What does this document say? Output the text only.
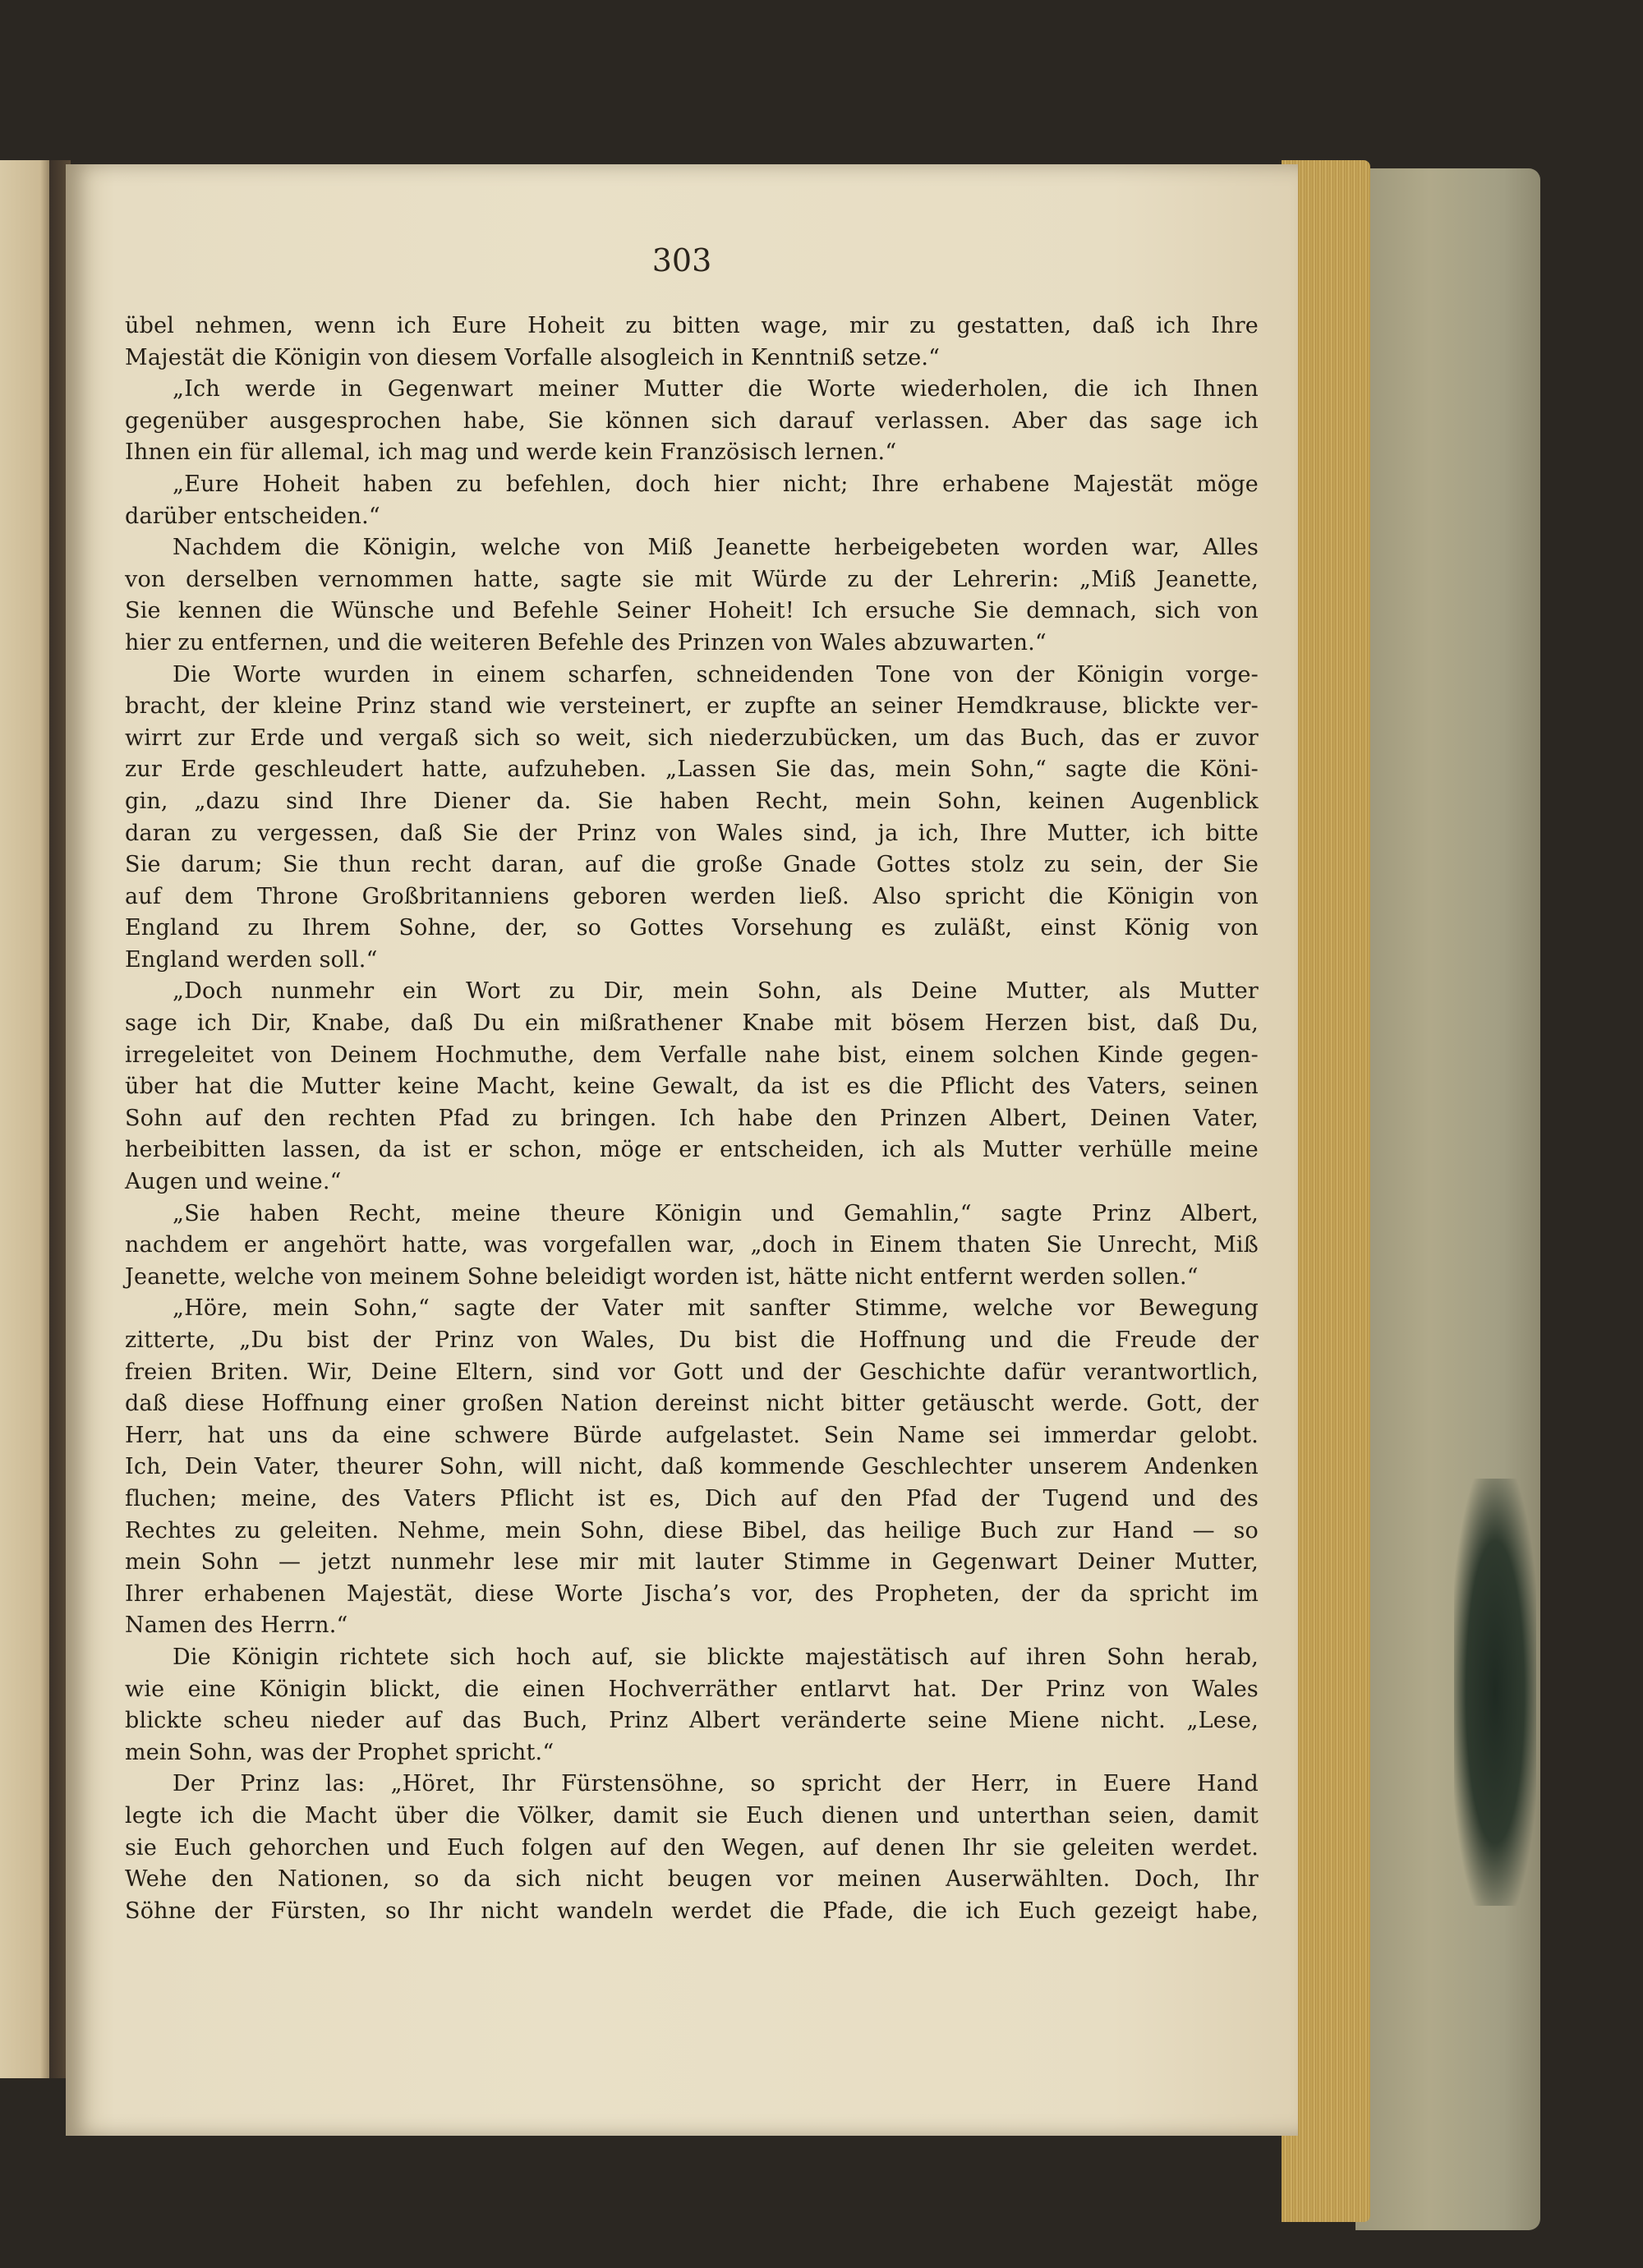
303
übel nehmen, wenn ich Eure Hoheit zu bitten wage, mir zu gestatten, daß ich Ihre
Majestät die Königin von diesem Vorfalle alsogleich in Kenntniß setze.“
„Ich werde in Gegenwart meiner Mutter die Worte wiederholen, die ich Ihnen
gegenüber ausgesprochen habe, Sie können sich darauf verlassen. Aber das sage ich
Ihnen ein für allemal, ich mag und werde kein Französisch lernen.“
„Eure Hoheit haben zu befehlen, doch hier nicht; Ihre erhabene Majestät möge
darüber entscheiden.“
Nachdem die Königin, welche von Miß Jeanette herbeigebeten worden war, Alles
von derselben vernommen hatte, sagte sie mit Würde zu der Lehrerin: „Miß Jeanette,
Sie kennen die Wünsche und Befehle Seiner Hoheit! Ich ersuche Sie demnach, sich von
hier zu entfernen, und die weiteren Befehle des Prinzen von Wales abzuwarten.“
Die Worte wurden in einem scharfen, schneidenden Tone von der Königin vorge-
bracht, der kleine Prinz stand wie versteinert, er zupfte an seiner Hemdkrause, blickte ver-
wirrt zur Erde und vergaß sich so weit, sich niederzubücken, um das Buch, das er zuvor
zur Erde geschleudert hatte, aufzuheben. „Lassen Sie das, mein Sohn,“ sagte die Köni-
gin, „dazu sind Ihre Diener da. Sie haben Recht, mein Sohn, keinen Augenblick
daran zu vergessen, daß Sie der Prinz von Wales sind, ja ich, Ihre Mutter, ich bitte
Sie darum; Sie thun recht daran, auf die große Gnade Gottes stolz zu sein, der Sie
auf dem Throne Großbritanniens geboren werden ließ. Also spricht die Königin von
England zu Ihrem Sohne, der, so Gottes Vorsehung es zuläßt, einst König von
England werden soll.“
„Doch nunmehr ein Wort zu Dir, mein Sohn, als Deine Mutter, als Mutter
sage ich Dir, Knabe, daß Du ein mißrathener Knabe mit bösem Herzen bist, daß Du,
irregeleitet von Deinem Hochmuthe, dem Verfalle nahe bist, einem solchen Kinde gegen-
über hat die Mutter keine Macht, keine Gewalt, da ist es die Pflicht des Vaters, seinen
Sohn auf den rechten Pfad zu bringen. Ich habe den Prinzen Albert, Deinen Vater,
herbeibitten lassen, da ist er schon, möge er entscheiden, ich als Mutter verhülle meine
Augen und weine.“
„Sie haben Recht, meine theure Königin und Gemahlin,“ sagte Prinz Albert,
nachdem er angehört hatte, was vorgefallen war, „doch in Einem thaten Sie Unrecht, Miß
Jeanette, welche von meinem Sohne beleidigt worden ist, hätte nicht entfernt werden sollen.“
„Höre, mein Sohn,“ sagte der Vater mit sanfter Stimme, welche vor Bewegung
zitterte, „Du bist der Prinz von Wales, Du bist die Hoffnung und die Freude der
freien Briten. Wir, Deine Eltern, sind vor Gott und der Geschichte dafür verantwortlich,
daß diese Hoffnung einer großen Nation dereinst nicht bitter getäuscht werde. Gott, der
Herr, hat uns da eine schwere Bürde aufgelastet. Sein Name sei immerdar gelobt.
Ich, Dein Vater, theurer Sohn, will nicht, daß kommende Geschlechter unserem Andenken
fluchen; meine, des Vaters Pflicht ist es, Dich auf den Pfad der Tugend und des
Rechtes zu geleiten. Nehme, mein Sohn, diese Bibel, das heilige Buch zur Hand — so
mein Sohn — jetzt nunmehr lese mir mit lauter Stimme in Gegenwart Deiner Mutter,
Ihrer erhabenen Majestät, diese Worte Jischa’s vor, des Propheten, der da spricht im
Namen des Herrn.“
Die Königin richtete sich hoch auf, sie blickte majestätisch auf ihren Sohn herab,
wie eine Königin blickt, die einen Hochverräther entlarvt hat. Der Prinz von Wales
blickte scheu nieder auf das Buch, Prinz Albert veränderte seine Miene nicht. „Lese,
mein Sohn, was der Prophet spricht.“
Der Prinz las: „Höret, Ihr Fürstensöhne, so spricht der Herr, in Euere Hand
legte ich die Macht über die Völker, damit sie Euch dienen und unterthan seien, damit
sie Euch gehorchen und Euch folgen auf den Wegen, auf denen Ihr sie geleiten werdet.
Wehe den Nationen, so da sich nicht beugen vor meinen Auserwählten. Doch, Ihr
Söhne der Fürsten, so Ihr nicht wandeln werdet die Pfade, die ich Euch gezeigt habe,
